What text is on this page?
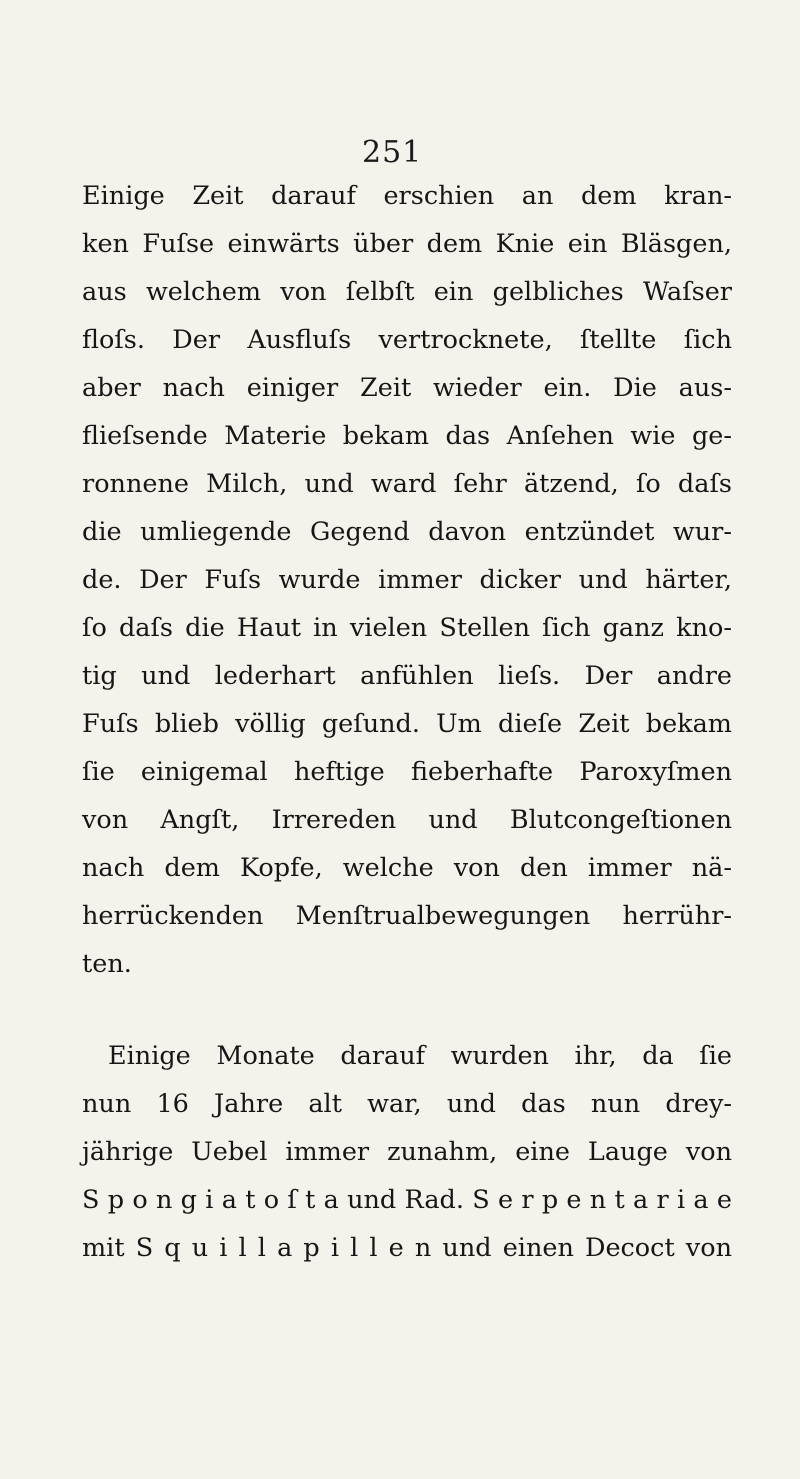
251
Einige Zeit darauf erschien an dem kran-
ken Fuſse einwärts über dem Knie ein Bläsgen,
aus welchem von ſelbſt ein gelbliches Waſser
floſs. Der Ausfluſs vertrocknete, ſtellte ſich
aber nach einiger Zeit wieder ein. Die aus-
flieſsende Materie bekam das Anſehen wie ge-
ronnene Milch, und ward ſehr ätzend, ſo daſs
die umliegende Gegend davon entzündet wur-
de. Der Fuſs wurde immer dicker und härter,
ſo daſs die Haut in vielen Stellen ſich ganz kno-
tig und lederhart anfühlen lieſs. Der andre
Fuſs blieb völlig geſund. Um dieſe Zeit bekam
ſie einigemal heftige fieberhafte Paroxyſmen
von Angſt, Irrereden und Blutcongeſtionen
nach dem Kopfe, welche von den immer nä-
herrückenden Menſtrualbewegungen herrühr-
ten.
Einige Monate darauf wurden ihr, da ſie
nun 16 Jahre alt war, und das nun drey-
jährige Uebel immer zunahm, eine Lauge von
S p o n g i a t o ſ t a und Rad. S e r p e n t a r i a e
mit S q u i l l a p i l l e n und einen Decoct von
